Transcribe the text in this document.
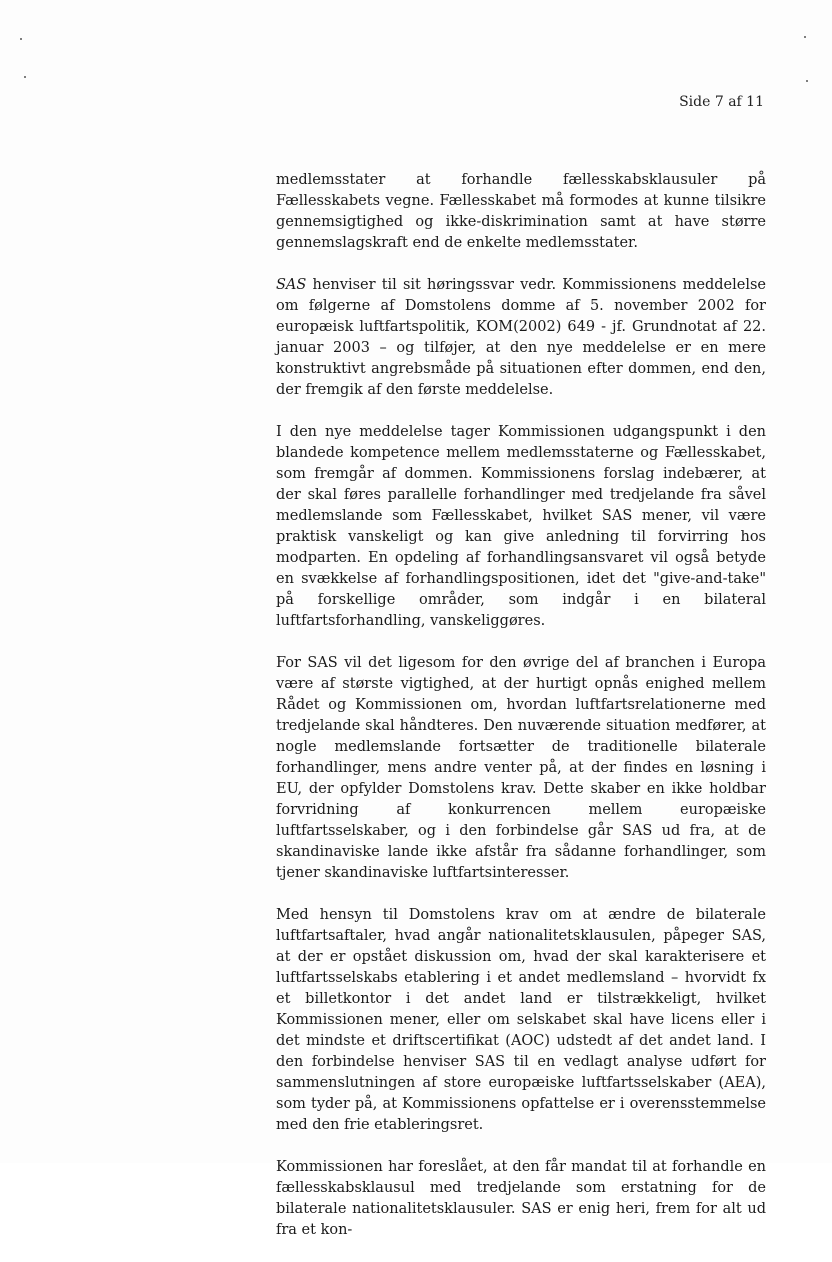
Side 7 af 11

medlemsstater at forhandle fællesskabsklausuler på Fællesskabets vegne. Fællesskabet må formodes at kunne tilsikre gennemsigtighed og ikke-diskrimination samt at have større gennemslagskraft end de enkelte medlemsstater.

SAS henviser til sit høringssvar vedr. Kommissionens meddelelse om følgerne af Domstolens domme af 5. november 2002 for europæisk luftfartspolitik, KOM(2002) 649 - jf. Grundnotat af 22. januar 2003 – og tilføjer, at den nye meddelelse er en mere konstruktivt angrebsmåde på situationen efter dommen, end den, der fremgik af den første meddelelse.

I den nye meddelelse tager Kommissionen udgangspunkt i den blandede kompetence mellem medlemsstaterne og Fællesskabet, som fremgår af dommen. Kommissionens forslag indebærer, at der skal føres parallelle forhandlinger med tredjelande fra såvel medlemslande som Fællesskabet, hvilket SAS mener, vil være praktisk vanskeligt og kan give anledning til forvirring hos modparten. En opdeling af forhandlingsansvaret vil også betyde en svækkelse af forhandlingspositionen, idet det "give-and-take" på forskellige områder, som indgår i en bilateral luftfartsforhandling, vanskeliggøres.

For SAS vil det ligesom for den øvrige del af branchen i Europa være af største vigtighed, at der hurtigt opnås enighed mellem Rådet og Kommissionen om, hvordan luftfartsrelationerne med tredjelande skal håndteres. Den nuværende situation medfører, at nogle medlemslande fortsætter de traditionelle bilaterale forhandlinger, mens andre venter på, at der findes en løsning i EU, der opfylder Domstolens krav. Dette skaber en ikke holdbar forvridning af konkurrencen mellem europæiske luftfartsselskaber, og i den forbindelse går SAS ud fra, at de skandinaviske lande ikke afstår fra sådanne forhandlinger, som tjener skandinaviske luftfartsinteresser.

Med hensyn til Domstolens krav om at ændre de bilaterale luftfartsaftaler, hvad angår nationalitetsklausulen, påpeger SAS, at der er opstået diskussion om, hvad der skal karakterisere et luftfartsselskabs etablering i et andet medlemsland – hvorvidt fx et billetkontor i det andet land er tilstrækkeligt, hvilket Kommissionen mener, eller om selskabet skal have licens eller i det mindste et driftscertifikat (AOC) udstedt af det andet land. I den forbindelse henviser SAS til en vedlagt analyse udført for sammenslutningen af store europæiske luftfartsselskaber (AEA), som tyder på, at Kommissionens opfattelse er i overensstemmelse med den frie etableringsret.

Kommissionen har foreslået, at den får mandat til at forhandle en fællesskabsklausul med tredjelande som erstatning for de bilaterale nationalitetsklausuler. SAS er enig heri, frem for alt ud fra et kon-
